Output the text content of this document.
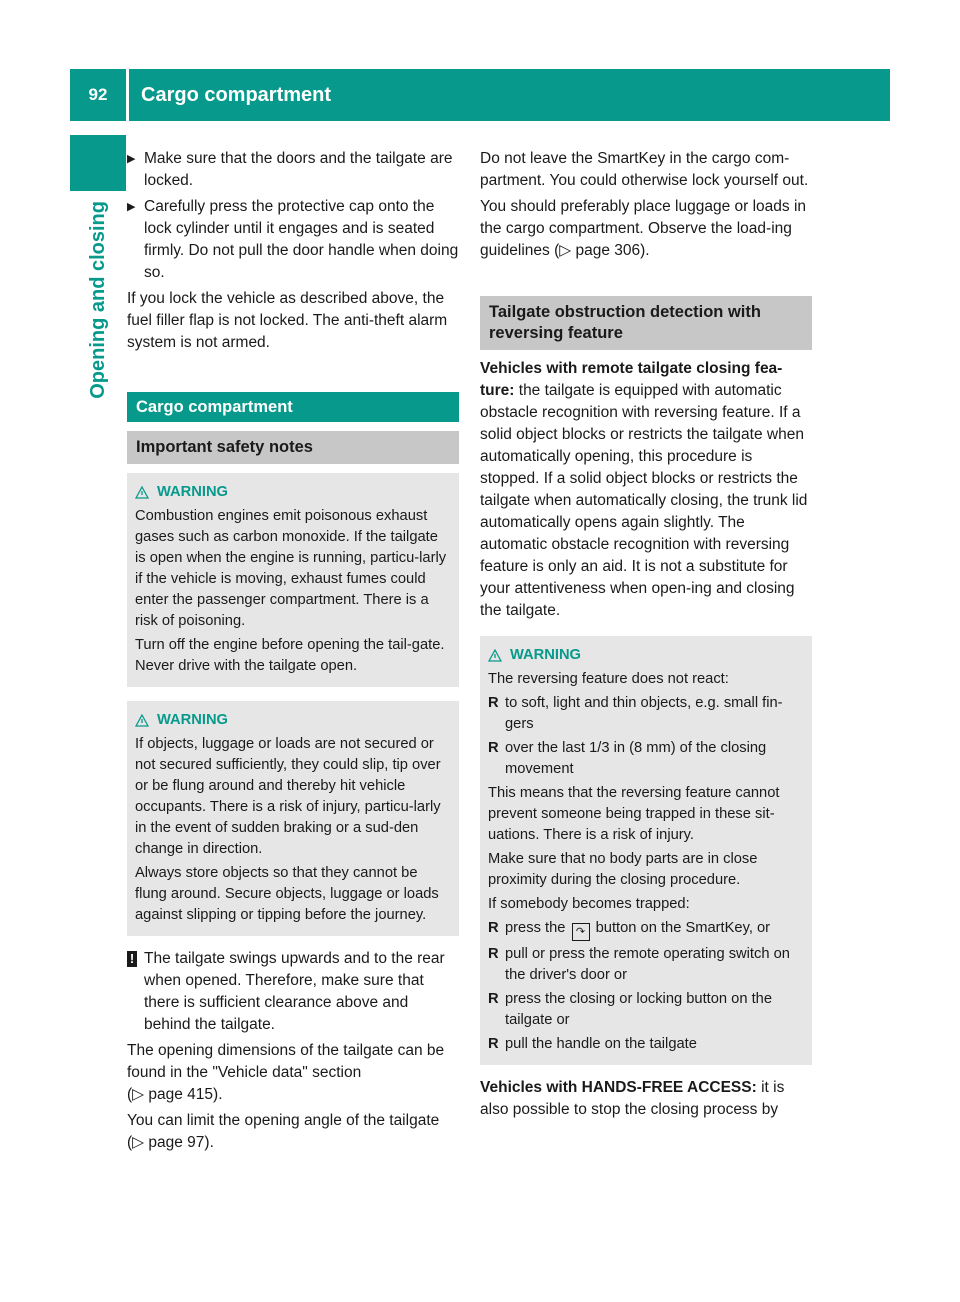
92	Cargo compartment
Opening and closing
▶ Make sure that the doors and the tailgate are locked.
▶ Carefully press the protective cap onto the lock cylinder until it engages and is seated firmly. Do not pull the door handle when doing so.

If you lock the vehicle as described above, the fuel filler flap is not locked. The anti-theft alarm system is not armed.

Cargo compartment
Important safety notes
WARNING

Combustion engines emit poisonous exhaust gases such as carbon monoxide. If the tailgate is open when the engine is running, particu-larly if the vehicle is moving, exhaust fumes could enter the passenger compartment. There is a risk of poisoning.

Turn off the engine before opening the tail-gate. Never drive with the tailgate open.

WARNING

If objects, luggage or loads are not secured or not secured sufficiently, they could slip, tip over or be flung around and thereby hit vehicle occupants. There is a risk of injury, particu-larly in the event of sudden braking or a sud-den change in direction.

Always store objects so that they cannot be flung around. Secure objects, luggage or loads against slipping or tipping before the journey.

! The tailgate swings upwards and to the rear when opened. Therefore, make sure that there is sufficient clearance above and behind the tailgate.

The opening dimensions of the tailgate can be found in the "Vehicle data" section
(▷ page 415).

You can limit the opening angle of the tailgate
(▷ page 97).

Do not leave the SmartKey in the cargo com-partment. You could otherwise lock yourself out.

You should preferably place luggage or loads in the cargo compartment. Observe the load-ing guidelines (▷ page 306).

Tailgate obstruction detection with reversing feature

Vehicles with remote tailgate closing fea-ture: the tailgate is equipped with automatic obstacle recognition with reversing feature. If a solid object blocks or restricts the tailgate when automatically opening, this procedure is stopped. If a solid object blocks or restricts the tailgate when automatically closing, the trunk lid automatically opens again slightly. The automatic obstacle recognition with reversing feature is only an aid. It is not a substitute for your attentiveness when open-ing and closing the tailgate.

WARNING

The reversing feature does not react:

R to soft, light and thin objects, e.g. small fin-gers
R over the last 1/3 in (8 mm) of the closing movement

This means that the reversing feature cannot prevent someone being trapped in these sit-uations. There is a risk of injury.

Make sure that no body parts are in close proximity during the closing procedure.

If somebody becomes trapped:

R press the ↷ button on the SmartKey, or
R pull or press the remote operating switch on the driver's door or
R press the closing or locking button on the tailgate or
R pull the handle on the tailgate

Vehicles with HANDS-FREE ACCESS: it is also possible to stop the closing process by
